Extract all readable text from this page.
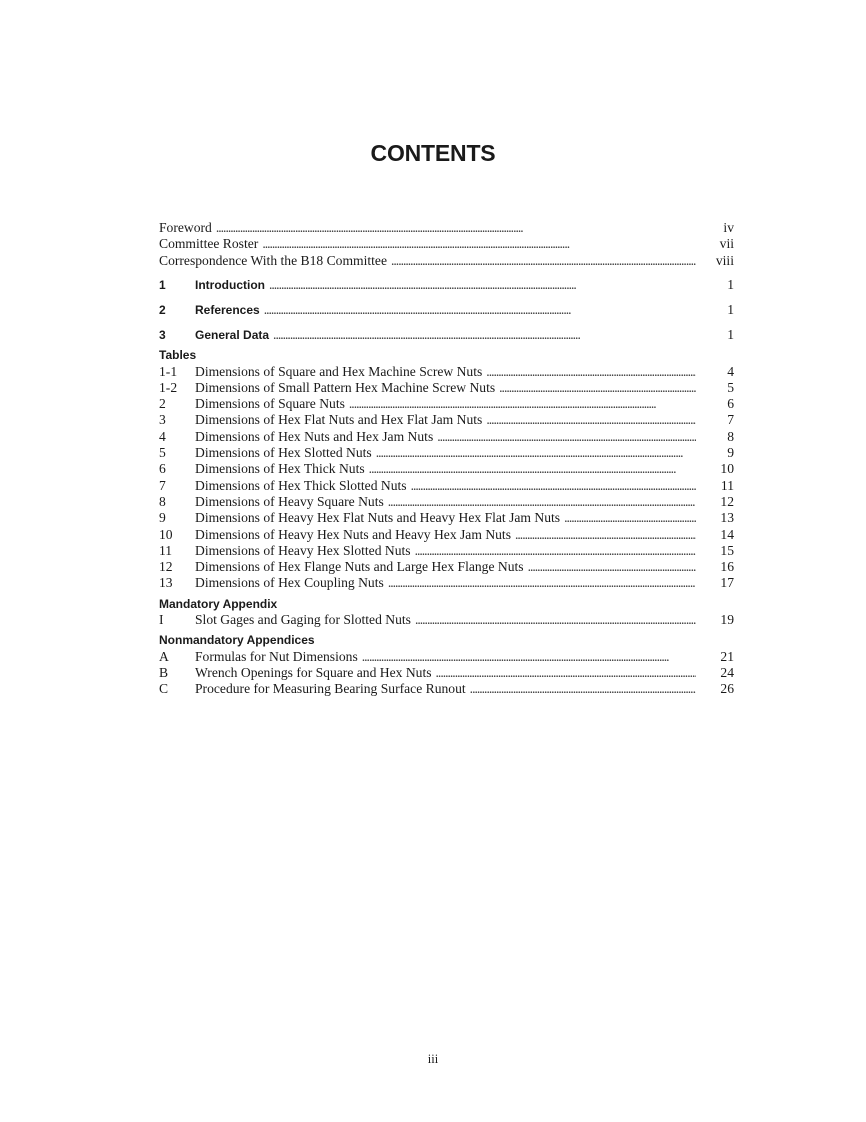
CONTENTS
Foreword . . .	iv
Committee Roster . . .	vii
Correspondence With the B18 Committee . . .	viii
1	Introduction . . .	1
2	References . . .	1
3	General Data . . .	1
Tables
1-1	Dimensions of Square and Hex Machine Screw Nuts . . .	4
1-2	Dimensions of Small Pattern Hex Machine Screw Nuts . . .	5
2	Dimensions of Square Nuts . . .	6
3	Dimensions of Hex Flat Nuts and Hex Flat Jam Nuts . . .	7
4	Dimensions of Hex Nuts and Hex Jam Nuts . . .	8
5	Dimensions of Hex Slotted Nuts . . .	9
6	Dimensions of Hex Thick Nuts . . .	10
7	Dimensions of Hex Thick Slotted Nuts . . .	11
8	Dimensions of Heavy Square Nuts . . .	12
9	Dimensions of Heavy Hex Flat Nuts and Heavy Hex Flat Jam Nuts . . .	13
10	Dimensions of Heavy Hex Nuts and Heavy Hex Jam Nuts . . .	14
11	Dimensions of Heavy Hex Slotted Nuts . . .	15
12	Dimensions of Hex Flange Nuts and Large Hex Flange Nuts . . .	16
13	Dimensions of Hex Coupling Nuts . . .	17
Mandatory Appendix
I	Slot Gages and Gaging for Slotted Nuts . . .	19
Nonmandatory Appendices
A	Formulas for Nut Dimensions . . .	21
B	Wrench Openings for Square and Hex Nuts . . .	24
C	Procedure for Measuring Bearing Surface Runout . . .	26
iii
